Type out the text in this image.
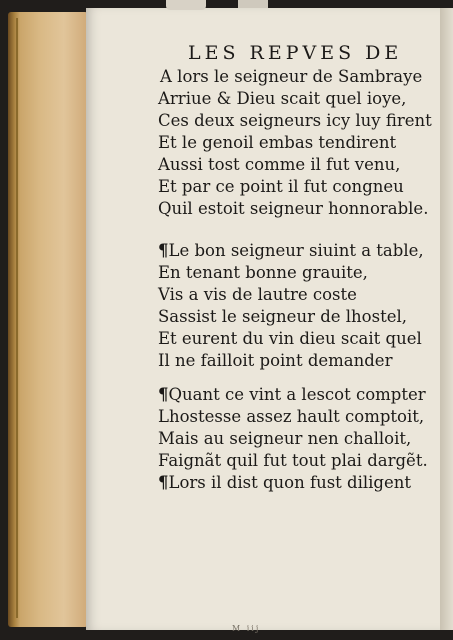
LES REPVES DE
A lors le seigneur de Sambraye
Arriue & Dieu scait quel ioye,
Ces deux seigneurs icy luy firent
Et le genoil embas tendirent
Aussi tost comme il fut venu,
Et par ce point il fut congneu
Quil estoit seigneur honnorable.
¶Le bon seigneur siuint a table,
En tenant bonne grauite,
Vis a vis de lautre coste
Sassist le seigneur de lhostel,
Et eurent du vin dieu scait quel
Il ne failloit point demander
¶Quant ce vint a lescot compter
Lhostesse assez hault comptoit,
Mais au seigneur nen challoit,
Faignãt quil fut tout plai dargẽt.
¶Lors il dist quon fust diligent
M iij
